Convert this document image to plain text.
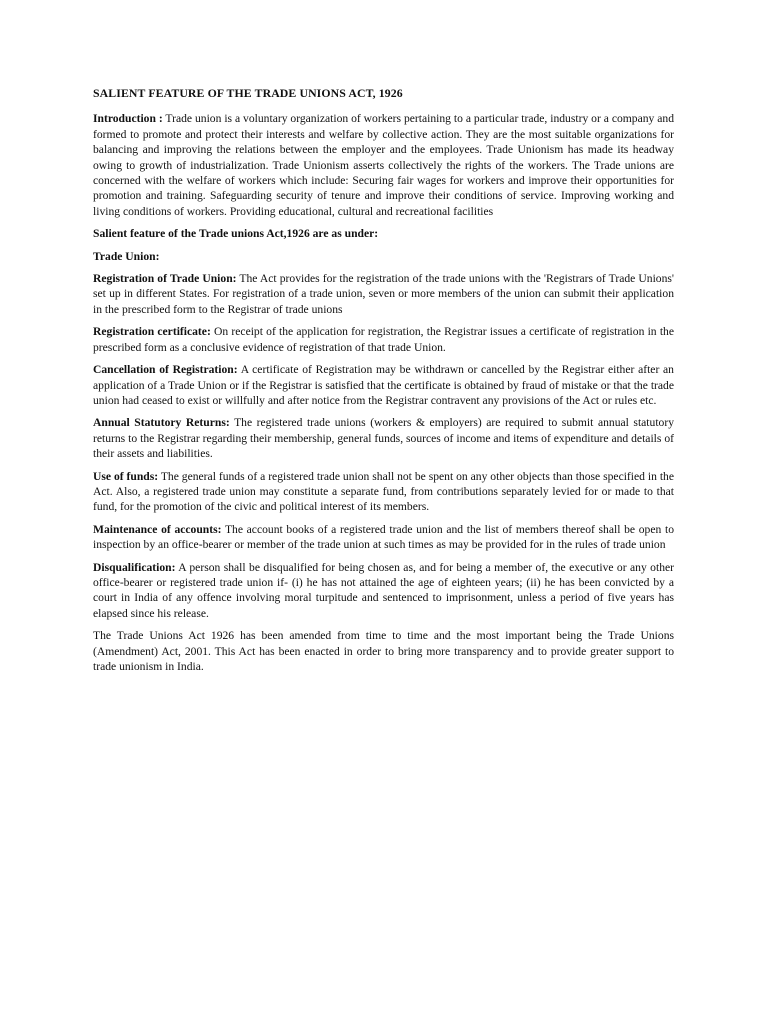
SALIENT FEATURE OF THE TRADE UNIONS ACT, 1926

Introduction : Trade union is a voluntary organization of workers pertaining to a particular trade, industry or a company and formed to promote and protect their interests and welfare by collective action. They are the most suitable organizations for balancing and improving the relations between the employer and the employees. Trade Unionism has made its headway owing to growth of industrialization. Trade Unionism asserts collectively the rights of the workers. The Trade unions are concerned with the welfare of workers which include: Securing fair wages for workers and improve their opportunities for promotion and training. Safeguarding security of tenure and improve their conditions of service. Improving working and living conditions of workers. Providing educational, cultural and recreational facilities

Salient feature of the Trade unions Act,1926 are as under:
Trade Union:

Registration of Trade Union: The Act provides for the registration of the trade unions with the 'Registrars of Trade Unions' set up in different States. For registration of a trade union, seven or more members of the union can submit their application in the prescribed form to the Registrar of trade unions

Registration certificate: On receipt of the application for registration, the Registrar issues a certificate of registration in the prescribed form as a conclusive evidence of registration of that trade Union.

Cancellation of Registration: A certificate of Registration may be withdrawn or cancelled by the Registrar either after an application of a Trade Union or if the Registrar is satisfied that the certificate is obtained by fraud of mistake or that the trade union had ceased to exist or willfully and after notice from the Registrar contravent any provisions of the Act or rules etc.

Annual Statutory Returns: The registered trade unions (workers & employers) are required to submit annual statutory returns to the Registrar regarding their membership, general funds, sources of income and items of expenditure and details of their assets and liabilities.

Use of funds: The general funds of a registered trade union shall not be spent on any other objects than those specified in the Act. Also, a registered trade union may constitute a separate fund, from contributions separately levied for or made to that fund, for the promotion of the civic and political interest of its members.

Maintenance of accounts: The account books of a registered trade union and the list of members thereof shall be open to inspection by an office-bearer or member of the trade union at such times as may be provided for in the rules of trade union

Disqualification: A person shall be disqualified for being chosen as, and for being a member of, the executive or any other office-bearer or registered trade union if- (i) he has not attained the age of eighteen years; (ii) he has been convicted by a court in India of any offence involving moral turpitude and sentenced to imprisonment, unless a period of five years has elapsed since his release.

The Trade Unions Act 1926 has been amended from time to time and the most important being the Trade Unions (Amendment) Act, 2001. This Act has been enacted in order to bring more transparency and to provide greater support to trade unionism in India.
